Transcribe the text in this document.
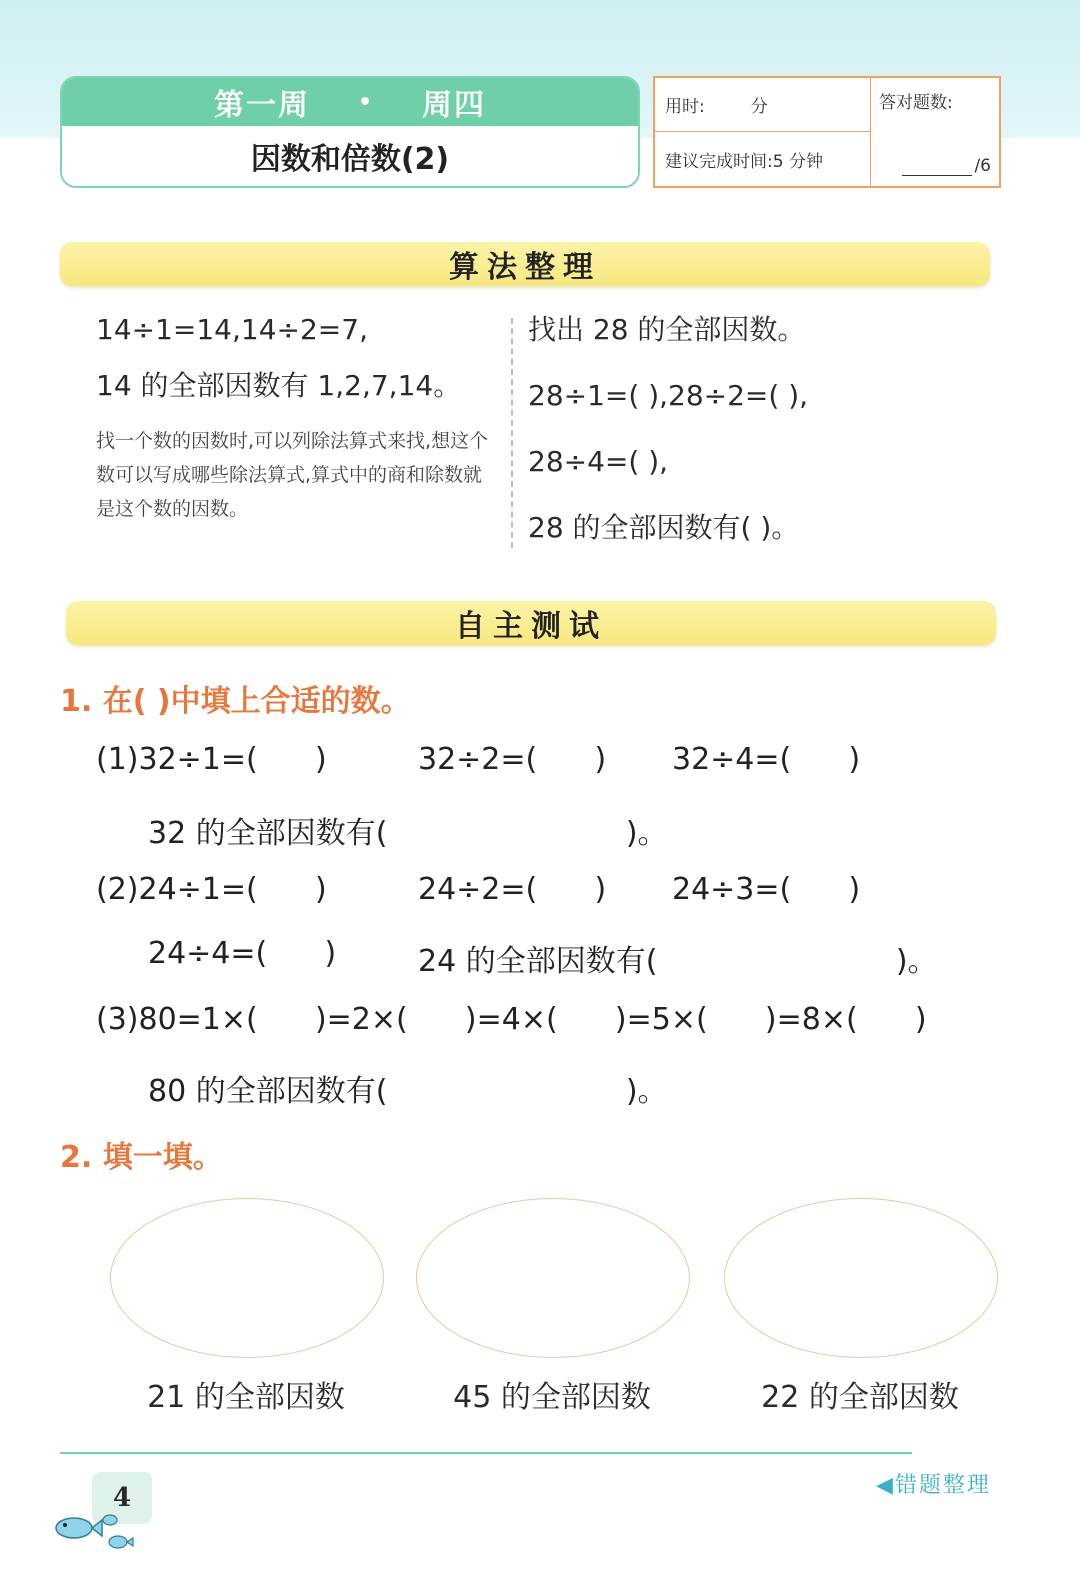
第一周 • 周四
因数和倍数(2)
用时:	分	答对题数:
/6
建议完成时间:5 分钟
算法整理
14÷1=14,14÷2=7,
14 的全部因数有 1,2,7,14。
找一个数的因数时,可以列除法算式来找,想这个数可以写成哪些除法算式,算式中的商和除数就是这个数的因数。
找出 28 的全部因数。
28÷1=( ),28÷2=( ),
28÷4=( ),
28 的全部因数有( )。
自主测试
1. 在( )中填上合适的数。
(1)32÷1=(      )	32÷2=(      ) 32÷4=(      )
32 的全部因数有(                         )。
(2)24÷1=(      )	24÷2=(      ) 24÷3=(      )
24÷4=(      )	24 的全部因数有(                         )。
(3)80=1×(      )=2×(      )=4×(      )=5×(      )=8×(      )
80 的全部因数有(                         )。
2. 填一填。
21 的全部因数	45 的全部因数	22 的全部因数
4	◀错题整理
